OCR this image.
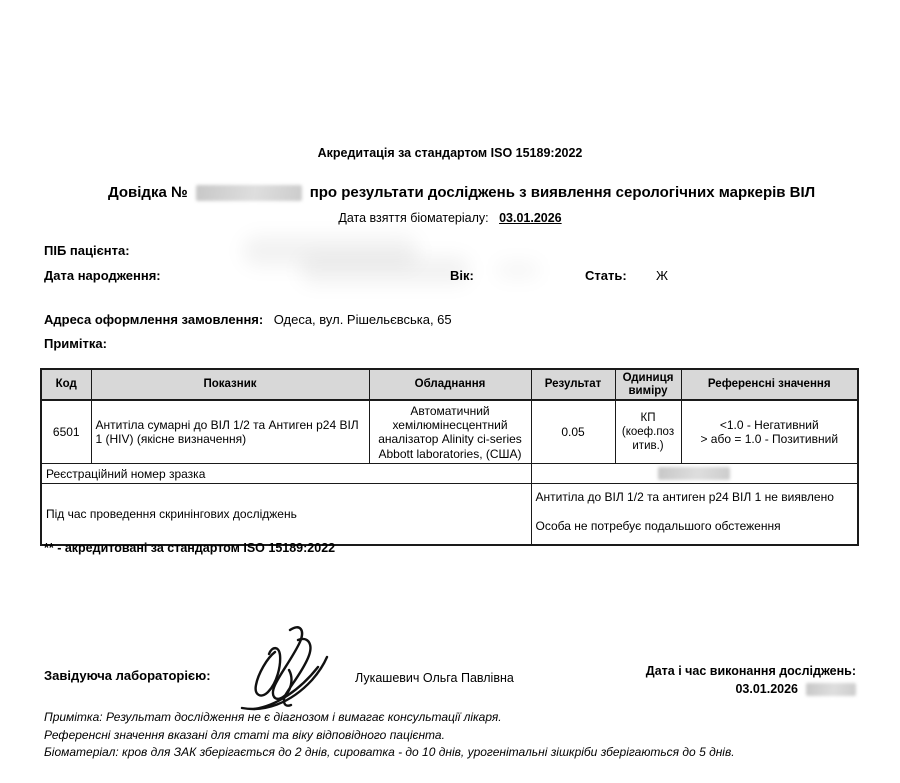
Акредитація за стандартом ISO 15189:2022
Довідка №	про результати досліджень з виявлення серологічних маркерів ВІЛ
Дата взяття біоматеріалу: 03.01.2026
ПІБ пацієнта:
Дата народження:	Вік:	Стать: Ж
Адреса оформлення замовлення: Одеса, вул. Рішельєвська, 65
Примітка:
Код	Показник	Обладнання	Результат	Одиниця виміру	Референсні значення
6501	Антитіла сумарні до ВІЛ 1/2 та Антиген p24 ВІЛ 1 (HIV) (якісне визначення)	Автоматичний хемілюмінесцентний аналізатор Alinity ci-series Abbott laboratories, (США)	0.05	КП (коеф.позитив.)	<1.0 - Негативний
> або = 1.0 - Позитивний

Реєстраційний номер зразка					

Під час проведення скринінгових досліджень			Антитіла до ВІЛ 1/2 та антиген p24 ВІЛ 1 не виявлено
Особа не потребує подальшого обстеження		
** - акредитовані за стандартом ISO 15189:2022
Завідуюча лабораторією:	Лукашевич Ольга Павлівна	Дата і час виконання досліджень:
03.01.2026
Примітка: Результат дослідження не є діагнозом і вимагає консультації лікаря.
Референсні значення вказані для статі та віку відповідного пацієнта.
Біоматеріал: кров для ЗАК зберігається до 2 днів, сироватка - до 10 днів, урогенітальні зішкріби зберігаються до 5 днів.
